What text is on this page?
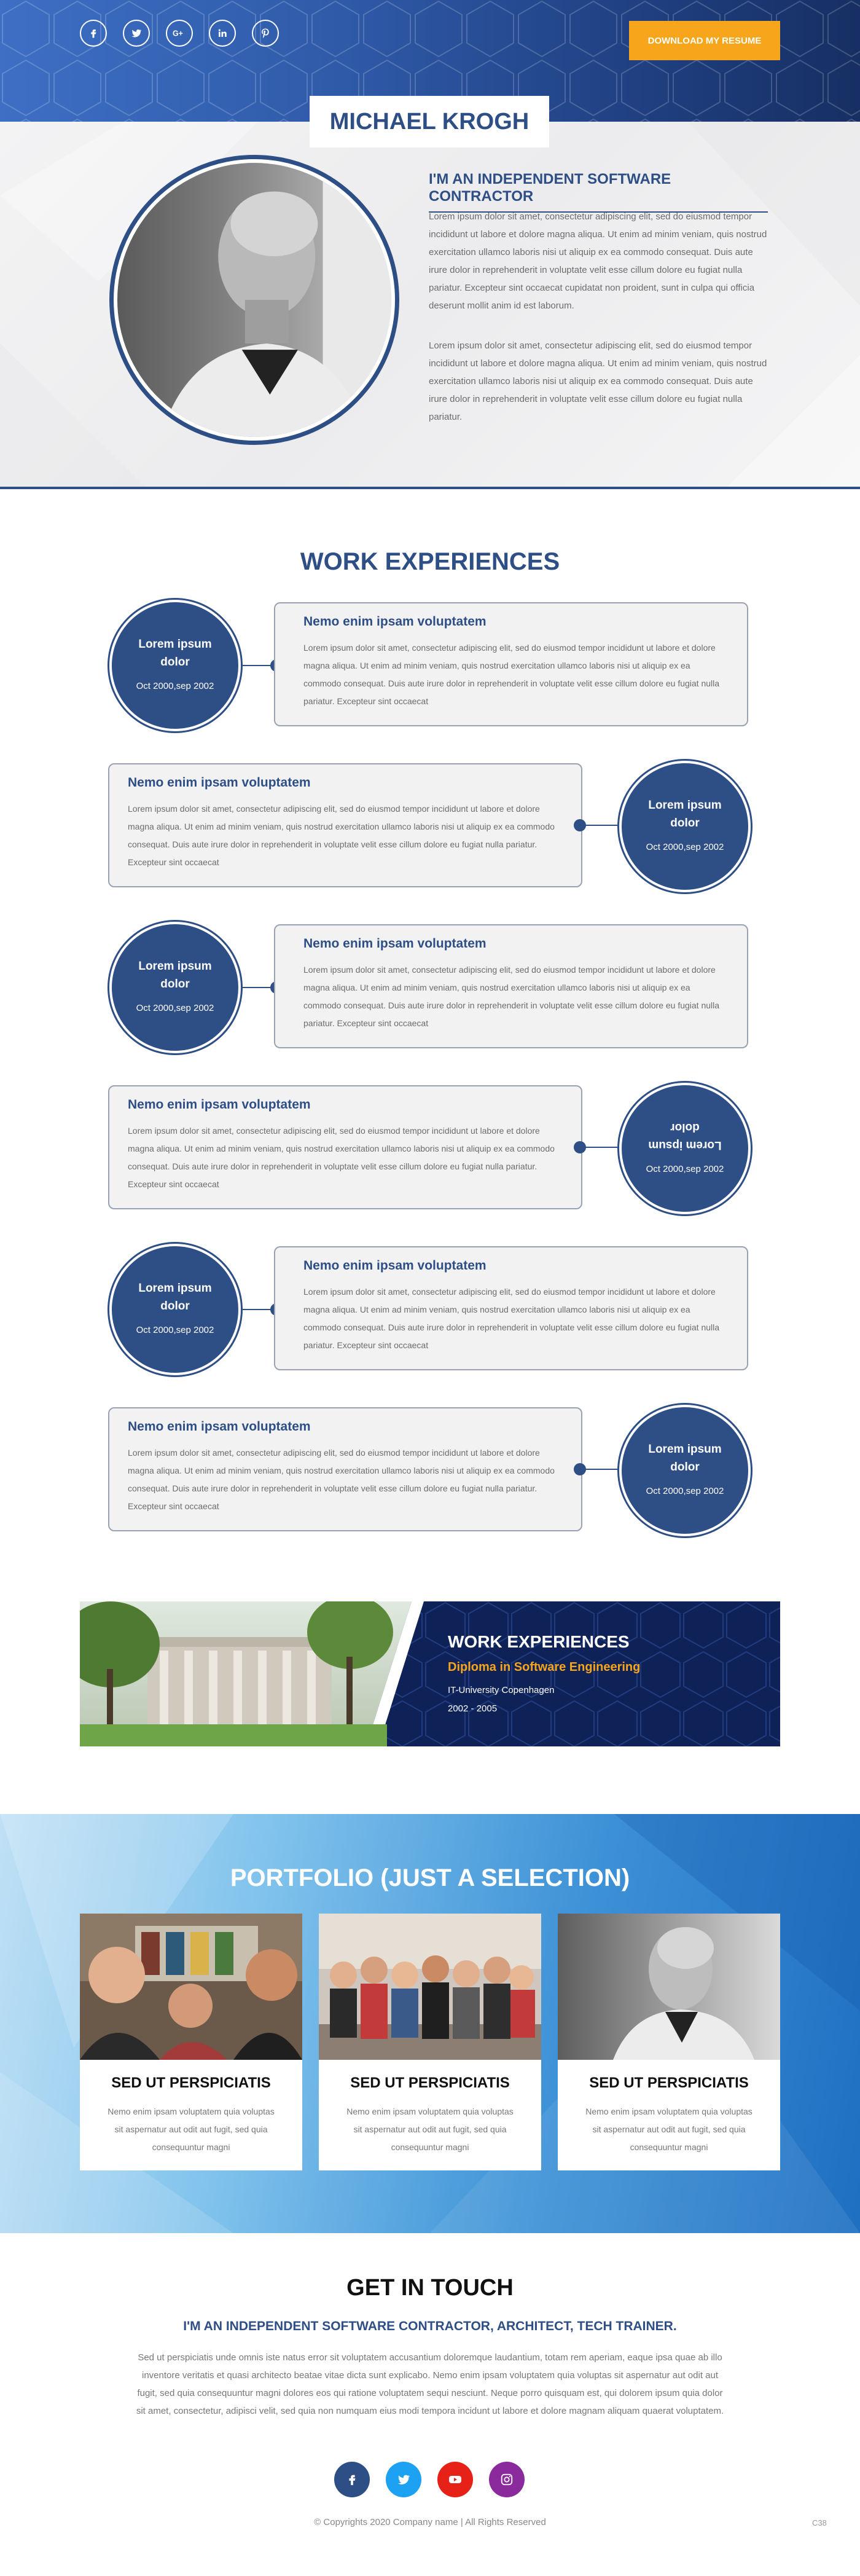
G+
DOWNLOAD MY RESUME
MICHAEL KROGH
I'M AN INDEPENDENT SOFTWARE CONTRACTOR

Lorem ipsum dolor sit amet, consectetur adipiscing elit, sed do eiusmod tempor incididunt ut labore et dolore magna aliqua. Ut enim ad minim veniam, quis nostrud exercitation ullamco laboris nisi ut aliquip ex ea commodo consequat. Duis aute irure dolor in reprehenderit in voluptate velit esse cillum dolore eu fugiat nulla pariatur. Excepteur sint occaecat cupidatat non proident, sunt in culpa qui officia deserunt mollit anim id est laborum.

Lorem ipsum dolor sit amet, consectetur adipiscing elit, sed do eiusmod tempor incididunt ut labore et dolore magna aliqua. Ut enim ad minim veniam, quis nostrud exercitation ullamco laboris nisi ut aliquip ex ea commodo consequat. Duis aute irure dolor in reprehenderit in voluptate velit esse cillum dolore eu fugiat nulla pariatur.

WORK EXPERIENCES
Lorem ipsum dolor
Oct 2000,sep 2002
Nemo enim ipsam voluptatem
Lorem ipsum dolor sit amet, consectetur adipiscing elit, sed do eiusmod tempor incididunt ut labore et dolore magna aliqua. Ut enim ad minim veniam, quis nostrud exercitation ullamco laboris nisi ut aliquip ex ea commodo consequat. Duis aute irure dolor in reprehenderit in voluptate velit esse cillum dolore eu fugiat nulla pariatur. Excepteur sint occaecat
Nemo enim ipsam voluptatem
Lorem ipsum dolor sit amet, consectetur adipiscing elit, sed do eiusmod tempor incididunt ut labore et dolore magna aliqua. Ut enim ad minim veniam, quis nostrud exercitation ullamco laboris nisi ut aliquip ex ea commodo consequat. Duis aute irure dolor in reprehenderit in voluptate velit esse cillum dolore eu fugiat nulla pariatur. Excepteur sint occaecat
Lorem ipsum dolor
Oct 2000,sep 2002
Lorem ipsum dolor
Oct 2000,sep 2002
Nemo enim ipsam voluptatem
Lorem ipsum dolor sit amet, consectetur adipiscing elit, sed do eiusmod tempor incididunt ut labore et dolore magna aliqua. Ut enim ad minim veniam, quis nostrud exercitation ullamco laboris nisi ut aliquip ex ea commodo consequat. Duis aute irure dolor in reprehenderit in voluptate velit esse cillum dolore eu fugiat nulla pariatur. Excepteur sint occaecat
Nemo enim ipsam voluptatem
Lorem ipsum dolor sit amet, consectetur adipiscing elit, sed do eiusmod tempor incididunt ut labore et dolore magna aliqua. Ut enim ad minim veniam, quis nostrud exercitation ullamco laboris nisi ut aliquip ex ea commodo consequat. Duis aute irure dolor in reprehenderit in voluptate velit esse cillum dolore eu fugiat nulla pariatur. Excepteur sint occaecat
Lorem ipsum dolor
Oct 2000,sep 2002
Lorem ipsum dolor
Oct 2000,sep 2002
Nemo enim ipsam voluptatem
Lorem ipsum dolor sit amet, consectetur adipiscing elit, sed do eiusmod tempor incididunt ut labore et dolore magna aliqua. Ut enim ad minim veniam, quis nostrud exercitation ullamco laboris nisi ut aliquip ex ea commodo consequat. Duis aute irure dolor in reprehenderit in voluptate velit esse cillum dolore eu fugiat nulla pariatur. Excepteur sint occaecat
Nemo enim ipsam voluptatem
Lorem ipsum dolor sit amet, consectetur adipiscing elit, sed do eiusmod tempor incididunt ut labore et dolore magna aliqua. Ut enim ad minim veniam, quis nostrud exercitation ullamco laboris nisi ut aliquip ex ea commodo consequat. Duis aute irure dolor in reprehenderit in voluptate velit esse cillum dolore eu fugiat nulla pariatur. Excepteur sint occaecat
Lorem ipsum dolor
Oct 2000,sep 2002
WORK EXPERIENCES
Diploma in Software Engineering
IT-University Copenhagen
2002 - 2005
PORTFOLIO (JUST A SELECTION)
SED UT PERSPICIATIS
Nemo enim ipsam voluptatem quia voluptas sit aspernatur aut odit aut fugit, sed quia consequuntur magni
SED UT PERSPICIATIS
Nemo enim ipsam voluptatem quia voluptas sit aspernatur aut odit aut fugit, sed quia consequuntur magni
SED UT PERSPICIATIS
Nemo enim ipsam voluptatem quia voluptas sit aspernatur aut odit aut fugit, sed quia consequuntur magni
GET IN TOUCH
I'M AN INDEPENDENT SOFTWARE CONTRACTOR, ARCHITECT, TECH TRAINER.

Sed ut perspiciatis unde omnis iste natus error sit voluptatem accusantium doloremque laudantium, totam rem aperiam, eaque ipsa quae ab illo inventore veritatis et quasi architecto beatae vitae dicta sunt explicabo. Nemo enim ipsam voluptatem quia voluptas sit aspernatur aut odit aut fugit, sed quia consequuntur magni dolores eos qui ratione voluptatem sequi nesciunt. Neque porro quisquam est, qui dolorem ipsum quia dolor sit amet, consectetur, adipisci velit, sed quia non numquam eius modi tempora incidunt ut labore et dolore magnam aliquam quaerat voluptatem.

© Copyrights 2020 Company name | All Rights Reserved	C38
